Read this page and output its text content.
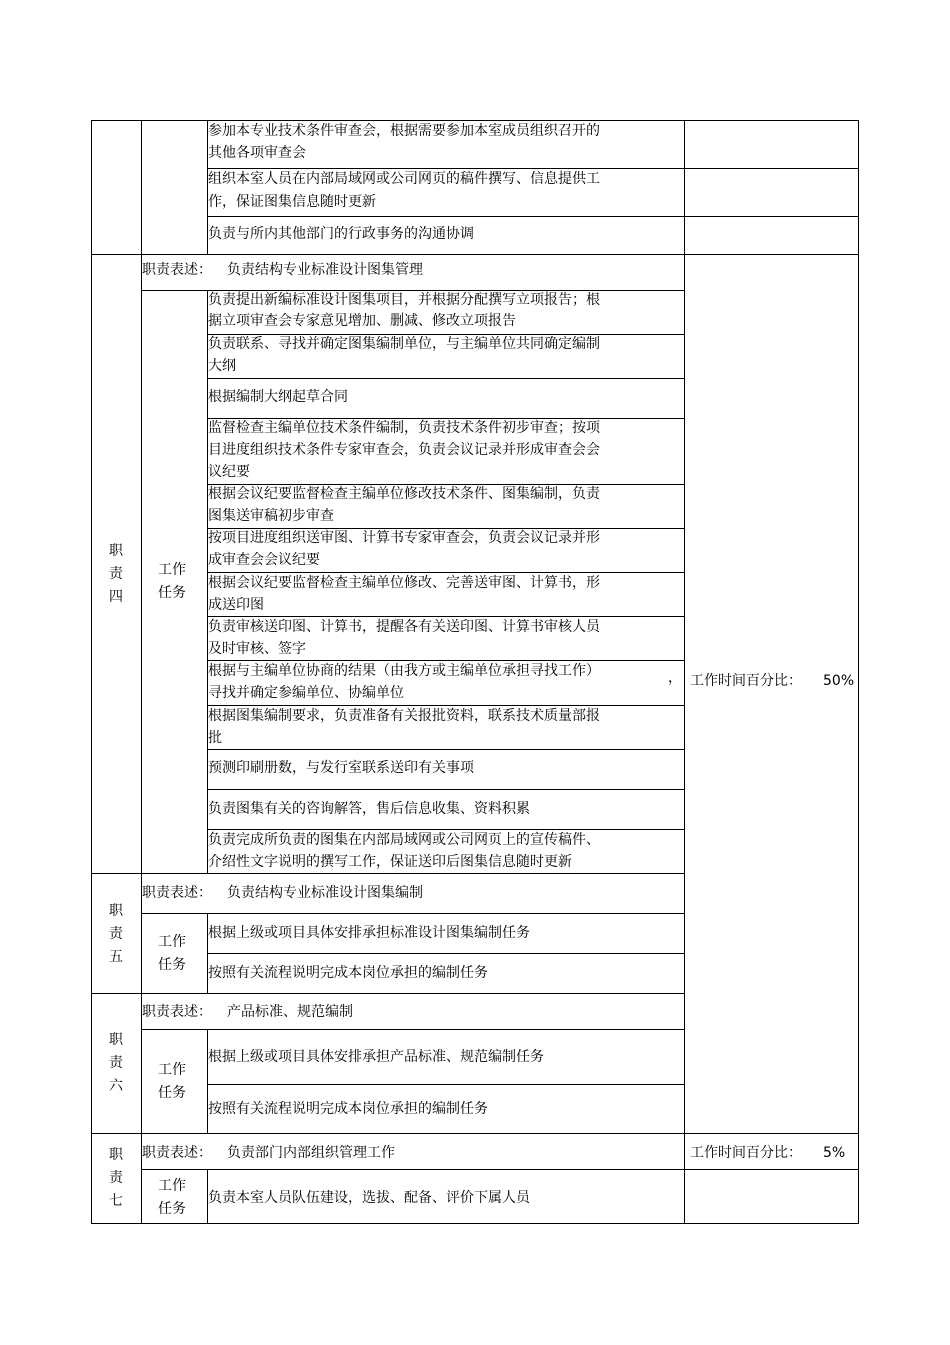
参加本专业技术条件审查会，根据需要参加本室成员组织召开的
其他各项审查会
组织本室人员在内部局域网或公司网页的稿件撰写、信息提供工
作，保证图集信息随时更新
负责与所内其他部门的行政事务的沟通协调
职
责
四
职责表述： 负责结构专业标准设计图集管理
工作
任务
负责提出新编标准设计图集项目，并根据分配撰写立项报告；根
据立项审查会专家意见增加、删减、修改立项报告
负责联系、寻找并确定图集编制单位，与主编单位共同确定编制
大纲
根据编制大纲起草合同
监督检查主编单位技术条件编制，负责技术条件初步审查；按项
目进度组织技术条件专家审查会，负责会议记录并形成审查会会
议纪要
根据会议纪要监督检查主编单位修改技术条件、图集编制，负责
图集送审稿初步审查
按项目进度组织送审图、计算书专家审查会，负责会议记录并形
成审查会会议纪要
根据会议纪要监督检查主编单位修改、完善送审图、计算书，形
成送印图
负责审核送印图、计算书，提醒各有关送印图、计算书审核人员
及时审核、签字
根据与主编单位协商的结果（由我方或主编单位承担寻找工作）
寻找并确定参编单位、协编单位
，
根据图集编制要求，负责准备有关报批资料，联系技术质量部报
批
预测印刷册数，与发行室联系送印有关事项
负责图集有关的咨询解答，售后信息收集、资料积累
负责完成所负责的图集在内部局域网或公司网页上的宣传稿件、
介绍性文字说明的撰写工作，保证送印后图集信息随时更新
工作时间百分比： 50%
职
责
五
职责表述： 负责结构专业标准设计图集编制
工作
任务
根据上级或项目具体安排承担标准设计图集编制任务
按照有关流程说明完成本岗位承担的编制任务
职
责
六
职责表述： 产品标准、规范编制
工作
任务
根据上级或项目具体安排承担产品标准、规范编制任务
按照有关流程说明完成本岗位承担的编制任务
职
责
七
职责表述： 负责部门内部组织管理工作	工作时间百分比： 5%
工作
任务
负责本室人员队伍建设，选拔、配备、评价下属人员
